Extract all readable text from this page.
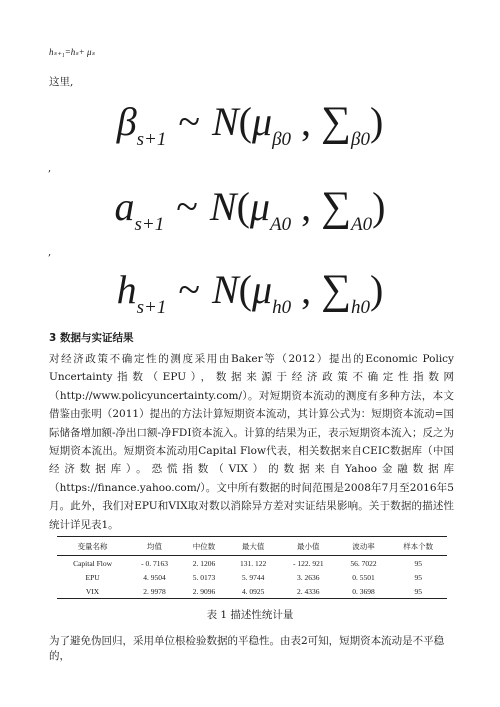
hₛ₊₁=hₛ+ μₛ
这里,
$\beta_{s+1}$ ~ $N(\mu_{\beta 0}$ , $\sum_{\beta 0}$)
,
$a_{s+1}$ ~ $N(\mu_{A0}$ , $\sum_{A0}$)
,
$h_{s+1}$ ~ $N(\mu_{h0}$ , $\sum_{h0}$)
3 数据与实证结果
对经济政策不确定性的测度采用由Baker等（2012）提出的Economic Policy Uncertainty指数（EPU），数据来源于经济政策不确定性指数网（http://www.policyuncertainty.com/）。对短期资本流动的测度有多种方法，本文借鉴由张明（2011）提出的方法计算短期资本流动，其计算公式为：短期资本流动=国际储备增加额-净出口额-净FDI资本流入。计算的结果为正，表示短期资本流入；反之为短期资本流出。短期资本流动用Capital Flow代表，相关数据来自CEIC数据库（中国经济数据库）。恐慌指数（VIX）的数据来自Yahoo金融数据库（https://finance.yahoo.com/）。文中所有数据的时间范围是2008年7月至2016年5月。此外，我们对EPU和VIX取对数以消除异方差对实证结果影响。关于数据的描述性统计详见表1。
变量名称	均值	中位数	最大值	最小值	波动率	样本个数
Capital Flow	- 0. 7163	2. 1206	131. 122	- 122. 921	56. 7022	95
EPU	4. 9504	5. 0173	5. 9744	3. 2636	0. 5501	95
VIX	2. 9978	2. 9096	4. 0925	2. 4336	0. 3698	95
表 1 描述性统计量
为了避免伪回归，采用单位根检验数据的平稳性。由表2可知，短期资本流动是不平稳的，
